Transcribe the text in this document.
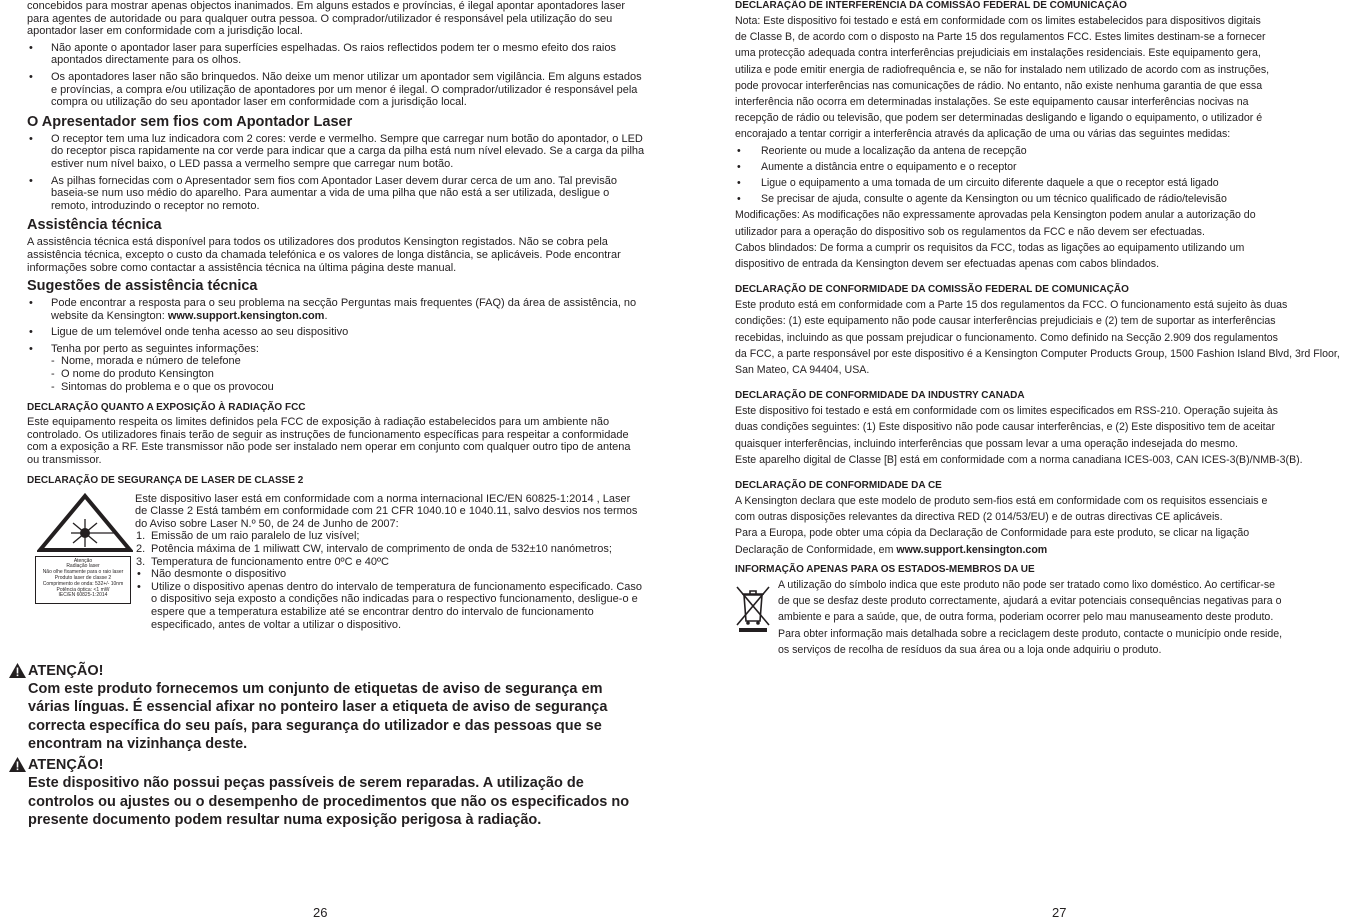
concebidos para mostrar apenas objectos inanimados. Em alguns estados e províncias, é ilegal apontar apontadores laser para agentes de autoridade ou para qualquer outra pessoa. O comprador/utilizador é responsável pela utilização do seu apontador laser em conformidade com a jurisdição local.

• Não aponte o apontador laser para superfícies espelhadas. Os raios reflectidos podem ter o mesmo efeito dos raios apontados directamente para os olhos.
• Os apontadores laser não são brinquedos. Não deixe um menor utilizar um apontador sem vigilância. Em alguns estados e províncias, a compra e/ou utilização de apontadores por um menor é ilegal. O comprador/utilizador é responsável pela compra ou utilização do seu apontador laser em conformidade com a jurisdição local.
O Apresentador sem fios com Apontador Laser
• O receptor tem uma luz indicadora com 2 cores: verde e vermelho. Sempre que carregar num botão do apontador, o LED do receptor pisca rapidamente na cor verde para indicar que a carga da pilha está num nível elevado. Se a carga da pilha estiver num nível baixo, o LED passa a vermelho sempre que carregar num botão.
• As pilhas fornecidas com o Apresentador sem fios com Apontador Laser devem durar cerca de um ano. Tal previsão baseia-se num uso médio do aparelho. Para aumentar a vida de uma pilha que não está a ser utilizada, desligue o remoto, introduzindo o receptor no remoto.
Assistência técnica

A assistência técnica está disponível para todos os utilizadores dos produtos Kensington registados. Não se cobra pela assistência técnica, excepto o custo da chamada telefónica e os valores de longa distância, se aplicáveis. Pode encontrar informações sobre como contactar a assistência técnica na última página deste manual.

Sugestões de assistência técnica
• Pode encontrar a resposta para o seu problema na secção Perguntas mais frequentes (FAQ) da área de assistência, no website da Kensington: www.support.kensington.com.
• Ligue de um telemóvel onde tenha acesso ao seu dispositivo
• Tenha por perto as seguintes informações:
- Nome, morada e número de telefone
- O nome do produto Kensington
- Sintomas do problema e o que os provocou
DECLARAÇÃO QUANTO A EXPOSIÇÃO À RADIAÇÃO FCC

Este equipamento respeita os limites definidos pela FCC de exposição à radiação estabelecidos para um ambiente não controlado. Os utilizadores finais terão de seguir as instruções de funcionamento específicas para respeitar a conformidade com a exposição a RF. Este transmissor não pode ser instalado nem operar em conjunto com qualquer outro tipo de antena ou transmissor.

DECLARAÇÃO DE SEGURANÇA DE LASER DE CLASSE 2
Atenção
Radiação laser
Não olhe fixamente para o raio laser
Produto laser de classe 2
Comprimento de onda: 532+/- 10nm
Potência óptica: <1 mW
IEC/EN 60825-1:2014

Este dispositivo laser está em conformidade com a norma internacional IEC/EN 60825-1:2014 , Laser de Classe 2 Está também em conformidade com 21 CFR 1040.10 e 1040.11, salvo desvios nos termos do Aviso sobre Laser N.º 50, de 24 de Junho de 2007:

1. Emissão de um raio paralelo de luz visível;
2. Potência máxima de 1 miliwatt CW, intervalo de comprimento de onda de 532±10 nanómetros;
3. Temperatura de funcionamento entre 0ºC e 40ºC
• Não desmonte o dispositivo
• Utilize o dispositivo apenas dentro do intervalo de temperatura de funcionamento especificado. Caso o dispositivo seja exposto a condições não indicadas para o respectivo funcionamento, desligue-o e espere que a temperatura estabilize até se encontrar dentro do intervalo de funcionamento especificado, antes de voltar a utilizar o dispositivo.
ATENÇÃO!

Com este produto fornecemos um conjunto de etiquetas de aviso de segurança em várias línguas. É essencial afixar no ponteiro laser a etiqueta de aviso de segurança correcta específica do seu país, para segurança do utilizador e das pessoas que se encontram na vizinhança deste.

ATENÇÃO!

Este dispositivo não possui peças passíveis de serem reparadas. A utilização de controlos ou ajustes ou o desempenho de procedimentos que não os especificados no presente documento podem resultar numa exposição perigosa à radiação.

26
DECLARAÇÃO DE INTERFERÊNCIA DA COMISSÃO FEDERAL DE COMUNICAÇÃO

Nota: Este dispositivo foi testado e está em conformidade com os limites estabelecidos para dispositivos digitais

de Classe B, de acordo com o disposto na Parte 15 dos regulamentos FCC. Estes limites destinam-se a fornecer

uma protecção adequada contra interferências prejudiciais em instalações residenciais. Este equipamento gera,

utiliza e pode emitir energia de radiofrequência e, se não for instalado nem utilizado de acordo com as instruções,

pode provocar interferências nas comunicações de rádio. No entanto, não existe nenhuma garantia de que essa

interferência não ocorra em determinadas instalações. Se este equipamento causar interferências nocivas na

recepção de rádio ou televisão, que podem ser determinadas desligando e ligando o equipamento, o utilizador é

encorajado a tentar corrigir a interferência através da aplicação de uma ou várias das seguintes medidas:

• Reoriente ou mude a localização da antena de recepção
• Aumente a distância entre o equipamento e o receptor
• Ligue o equipamento a uma tomada de um circuito diferente daquele a que o receptor está ligado
• Se precisar de ajuda, consulte o agente da Kensington ou um técnico qualificado de rádio/televisão

Modificações: As modificações não expressamente aprovadas pela Kensington podem anular a autorização do

utilizador para a operação do dispositivo sob os regulamentos da FCC e não devem ser efectuadas.

Cabos blindados: De forma a cumprir os requisitos da FCC, todas as ligações ao equipamento utilizando um

dispositivo de entrada da Kensington devem ser efectuadas apenas com cabos blindados.

DECLARAÇÃO DE CONFORMIDADE DA COMISSÃO FEDERAL DE COMUNICAÇÃO

Este produto está em conformidade com a Parte 15 dos regulamentos da FCC. O funcionamento está sujeito às duas

condições: (1) este equipamento não pode causar interferências prejudiciais e (2) tem de suportar as interferências

recebidas, incluindo as que possam prejudicar o funcionamento. Como definido na Secção 2.909 dos regulamentos

da FCC, a parte responsável por este dispositivo é a Kensington Computer Products Group, 1500 Fashion Island Blvd, 3rd Floor,

San Mateo, CA 94404, USA.

DECLARAÇÃO DE CONFORMIDADE DA INDUSTRY CANADA

Este dispositivo foi testado e está em conformidade com os limites especificados em RSS-210. Operação sujeita às

duas condições seguintes: (1) Este dispositivo não pode causar interferências, e (2) Este dispositivo tem de aceitar

quaisquer interferências, incluindo interferências que possam levar a uma operação indesejada do mesmo.

Este aparelho digital de Classe [B] está em conformidade com a norma canadiana ICES-003, CAN ICES-3(B)/NMB-3(B).

DECLARAÇÃO DE CONFORMIDADE DA CE

A Kensington declara que este modelo de produto sem-fios está em conformidade com os requisitos essenciais e

com outras disposições relevantes da directiva RED (2 014/53/EU) e de outras directivas CE aplicáveis.

Para a Europa, pode obter uma cópia da Declaração de Conformidade para este produto, se clicar na ligação

Declaração de Conformidade, em www.support.kensington.com

INFORMAÇÃO APENAS PARA OS ESTADOS-MEMBROS DA UE

A utilização do símbolo indica que este produto não pode ser tratado como lixo doméstico. Ao certificar-se

de que se desfaz deste produto correctamente, ajudará a evitar potenciais consequências negativas para o

ambiente e para a saúde, que, de outra forma, poderiam ocorrer pelo mau manuseamento deste produto.

Para obter informação mais detalhada sobre a reciclagem deste produto, contacte o município onde reside,

os serviços de recolha de resíduos da sua área ou a loja onde adquiriu o produto.

27
